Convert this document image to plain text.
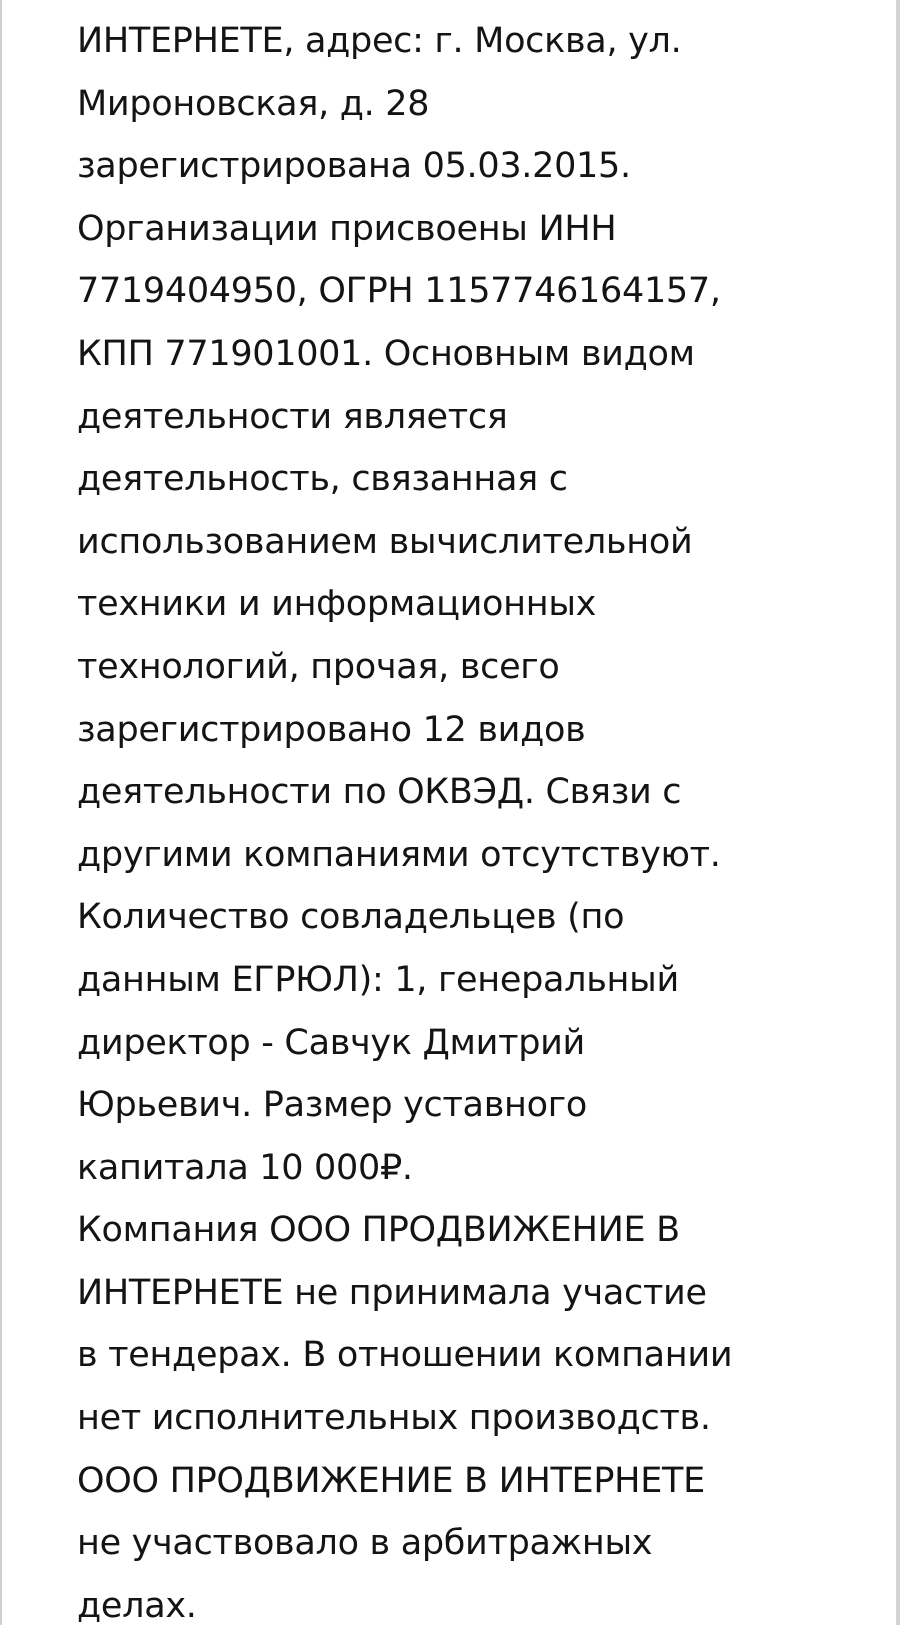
ИНТЕРНЕТЕ, адрес: г. Москва, ул.
Мироновская, д. 28
зарегистрирована 05.03.2015.
Организации присвоены ИНН
7719404950, ОГРН 1157746164157,
КПП 771901001. Основным видом
деятельности является
деятельность, связанная с
использованием вычислительной
техники и информационных
технологий, прочая, всего
зарегистрировано 12 видов
деятельности по ОКВЭД. Связи с
другими компаниями отсутствуют.
Количество совладельцев (по
данным ЕГРЮЛ): 1, генеральный
директор - Савчук Дмитрий
Юрьевич. Размер уставного
капитала 10 000₽.
Компания ООО ПРОДВИЖЕНИЕ В
ИНТЕРНЕТЕ не принимала участие
в тендерах. В отношении компании
нет исполнительных производств.
ООО ПРОДВИЖЕНИЕ В ИНТЕРНЕТЕ
не участвовало в арбитражных
делах.
